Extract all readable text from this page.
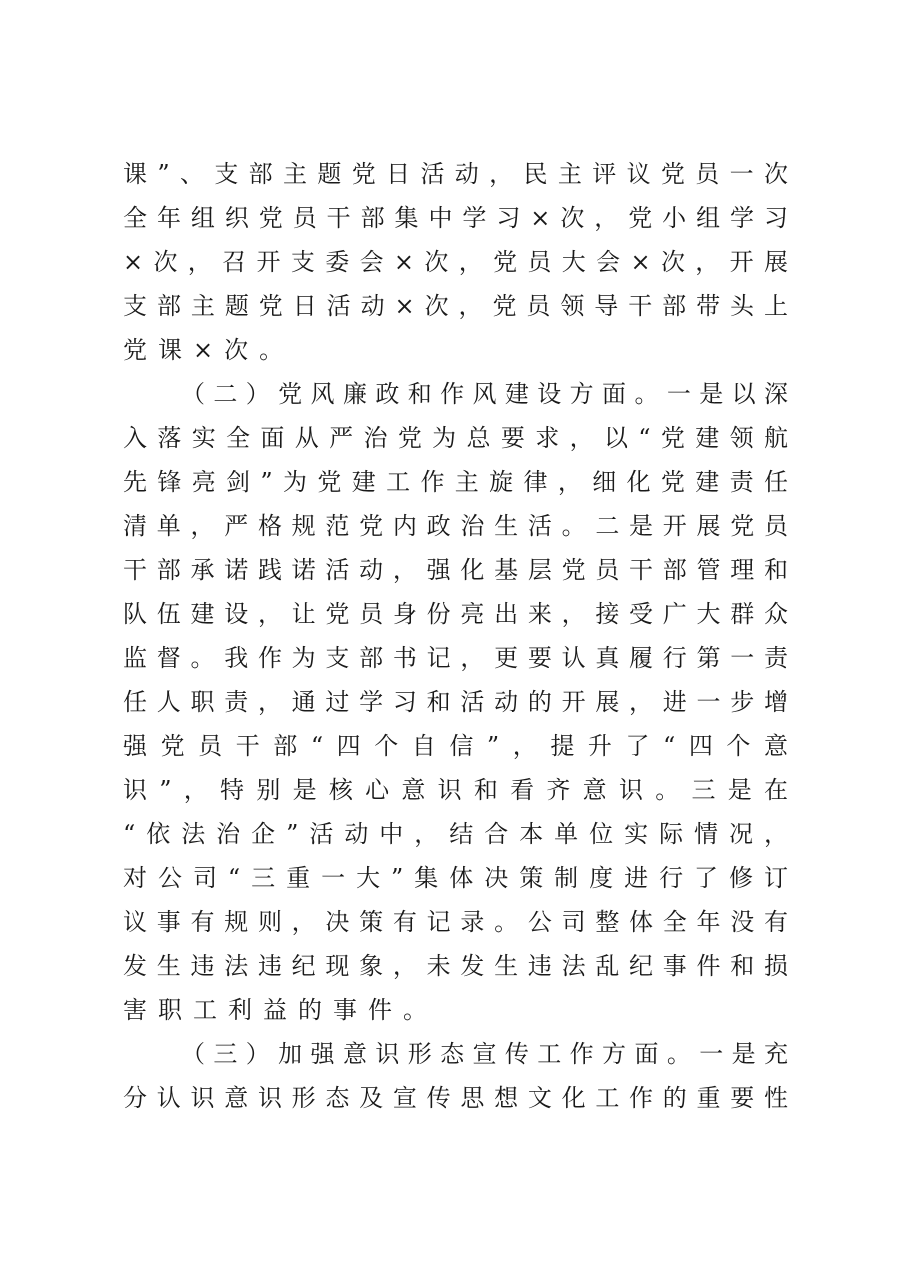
课”、支部主题党日活动，民主评议党员一次
全年组织党员干部集中学习×次，党小组学习
×次，召开支委会×次，党员大会×次，开展
支部主题党日活动×次，党员领导干部带头上
党课×次。
（二）党风廉政和作风建设方面。一是以深
入落实全面从严治党为总要求，以“党建领航
先锋亮剑”为党建工作主旋律，细化党建责任
清单，严格规范党内政治生活。二是开展党员
干部承诺践诺活动，强化基层党员干部管理和
队伍建设，让党员身份亮出来，接受广大群众
监督。我作为支部书记，更要认真履行第一责
任人职责，通过学习和活动的开展，进一步增
强党员干部“四个自信”，提升了“四个意
识”，特别是核心意识和看齐意识。三是在
“依法治企”活动中，结合本单位实际情况，
对公司“三重一大”集体决策制度进行了修订
议事有规则，决策有记录。公司整体全年没有
发生违法违纪现象，未发生违法乱纪事件和损
害职工利益的事件。
（三）加强意识形态宣传工作方面。一是充
分认识意识形态及宣传思想文化工作的重要性
